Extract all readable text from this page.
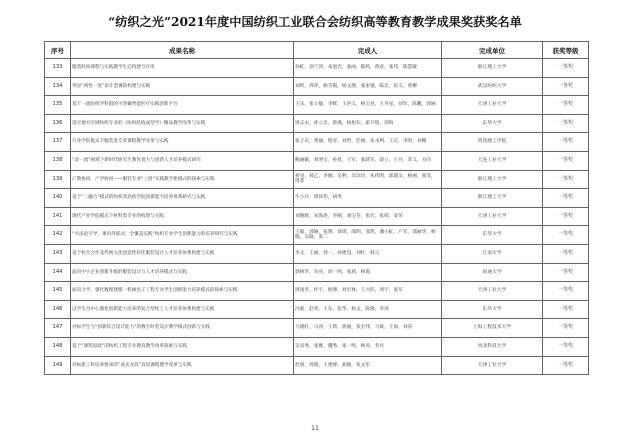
“纺织之光”2021年度中国纺织工业联合会纺织高等教育教学成果奖获奖名单
序号	成果名称	完成人	完成单位	获奖等级
133	服装时尚课程与实践教学生态构建与应用	孙虹，徐宁涛，朱旭光，张曲，陆鸣，蒋彦，张伟，陈慧敏	浙江理工大学	一等奖
134	突显“两性一度”审计金课的构建与实践	刘昕，周萍，杨雪霞，杨文静，张家强，陈忠，彭义，黄柳	武汉纺织大学	一等奖
135	基于一流纺织学科群的可穿戴智能医疗实践创新平台	王乐，张立敏，李辉，王洪义，杨宝君，王丹星，刘军，陈鹏，郭丽	天津工业大学	一等奖
136	适应地方区域纺织专业的《纺织结构成型学》精品教学改革与实践	周志永，孙立忠，蔡燕，杨旭东，霍开银，郭海	东华大学	一等奖
137	行业学院模式下服装类专业课程教学改革与实践	张子庆，黄丽，程青，刘哲，任丽，朱永利，王庆，李明，刘娜	常熟理工学院	一等奖
138	“双一流”视域下新时代研究生教育着力与创新人才培养模式研究	鲍丽颖，刘明宝，孙星，王军，张跃军，薛立，王丹，苏义，方向	大连工业大学	一等奖
139	产教协同、产学协同——服装专业“三创”实践教学新模式的探索与实践	祝旻，郝乙，李刚，吴利，吴玲玲，朱伟明，邵淑文，杨丽，张雯，周菲	浙江理工大学	一等奖
140	基于“三融合”模式的纺织类高校学院创新能力培养体系研究与实践	牛小兵，周泽伟，胡秀	浙江理工大学	一等奖
141	现代产业学院模式下材料类专业的构建与实践	刘晓辉，宋海尧，李刚，刘宝芬，张宏，张萌，安荣	天津工业大学	一等奖
142	“方法论引导，课内外联动，全覆盖实践”纺织专业学生创新能力的培养研究与实践	王敏，郭丽，张翔，徐周，邵明，邹然，潘小虹，户军，邵丽华，杨晓，吴晓，张二	东华大学	一等奖
143	基于校介合作及传统文化创造性转化服装设计人才培养体系构建与实践	李文，王丽，郭一，孙建设，刘红，韩云	江南大学	一等奖
144	面向中小企业创新升级的服装设计与人才培养模式与实践	郭树华，乐亮，徐一鸣，张莉，杨霞	南通大学	一等奖
145	面向力学，强化数理建模一机械电子工程专业学生创新能力培养模式的探索与实践	周国华，杜宇，杨博，刘宏林，王兴旺，刘宇，张军	天津工业大学	一等奖
146	以学生为中心强化创新能力培养的复合型化工人才培养体系构建与实践	冯新，赵英，王东，张华，杨文，陈晓，李冰	东华大学	一等奖
147	对标学生与“创新综合设计能力”的数字时装设计教学模式创新与实践	马晓红，马涛，王琦，郭丽，张宏伟，马斌，王海，刘涛	上海工程技术大学	一等奖
148	基于“课程思政”的纺织工程专业教育教学改革探索与实践	吴彦秀，张雅，魏秀，张一鸣，林涛，乔丹	河北科技大学	一等奖
149	对标新工科培养要求的“成式分段”双语课程教学改革与实践	赵娟，周晓，王建峰，胡晓，张文军	天津工业大学	一等奖
11
